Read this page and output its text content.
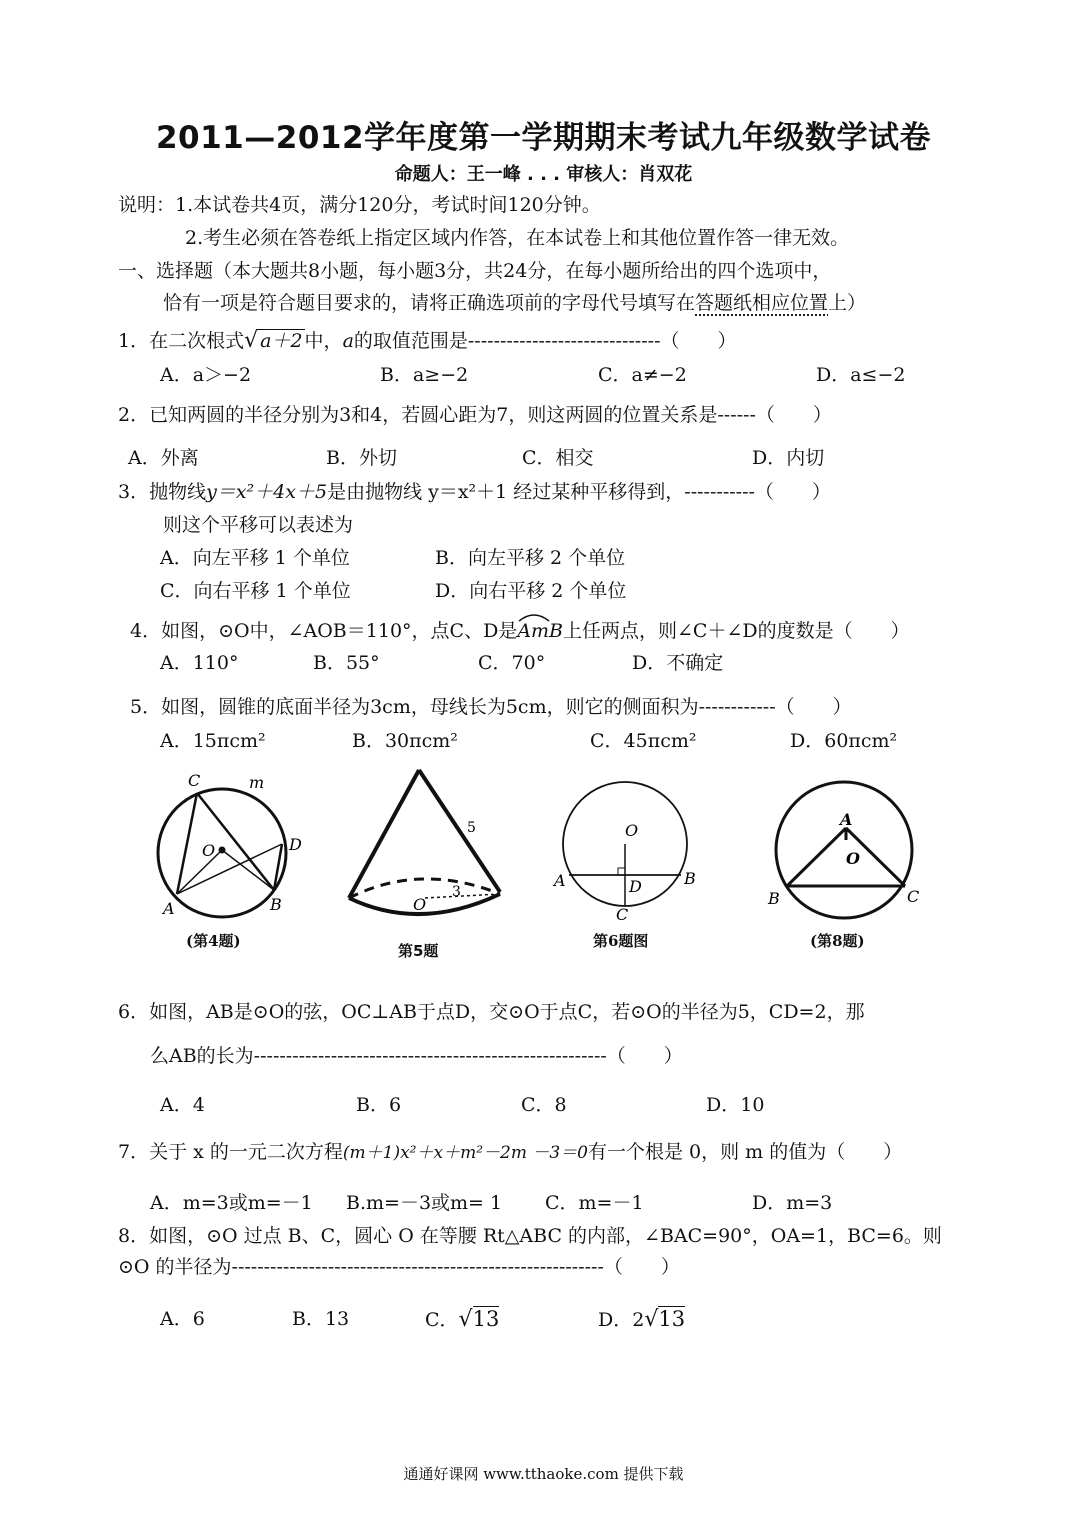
2011—2012学年度第一学期期末考试九年级数学试卷
命题人：王一峰 . . . 审核人：肖双花
说明：1.本试卷共4页，满分120分，考试时间120分钟。
2.考生必须在答卷纸上指定区域内作答，在本试卷上和其他位置作答一律无效。
一、选择题（本大题共8小题，每小题3分，共24分，在每小题所给出的四个选项中，
恰有一项是符合题目要求的，请将正确选项前的字母代号填写在答题纸相应位置上）
1．在二次根式√ a＋2 中，a的取值范围是------------------------------（　　）
A．a＞−2	B．a≥−2	C．a≠−2	D．a≤−2
2．已知两圆的半径分别为3和4，若圆心距为7，则这两圆的位置关系是------（　　）
A．外离	B．外切	C．相交	D．内切
3．抛物线y＝x²＋4x＋5是由抛物线 y＝x²＋1 经过某种平移得到，-----------（　　）
则这个平移可以表述为
A．向左平移 1 个单位	B．向左平移 2 个单位
C．向右平移 1 个单位	D．向右平移 2 个单位
4．如图，⊙O中，∠AOB＝110°，点C、D是
AmB上任两点，则∠C＋∠D的度数是（　　）
A．110°	B．55°	C．70°	D．不确定
5．如图，圆锥的底面半径为3cm，母线长为5cm，则它的侧面积为------------（　　）
A．15πcm²	B．30πcm²	C．45πcm²	D．60πcm²
C	m
O	D
A	B
(第4题)
5
3
O
第5题
O
A	D	B
C
第6题图
A
O
B	C
(第8题)
6．如图，AB是⊙O的弦，OC⊥AB于点D，交⊙O于点C，若⊙O的半径为5，CD=2，那
么AB的长为-------------------------------------------------------（　　）
A．4	B．6	C．8	D．10
7．关于 x 的一元二次方程(m＋1)x²＋x＋m²－2m －3＝0有一个根是 0，则 m 的值为（　　）
A．m=3或m=－1 B.m=－3或m= 1 C．m=－1	D．m=3
8．如图，⊙O 过点 B、C，圆心 O 在等腰 Rt△ABC 的内部，∠BAC=90°，OA=1，BC=6。则
⊙O 的半径为----------------------------------------------------------（　　）
A．6	B．13	C．√13	D．2√13
通通好课网 www.tthaoke.com 提供下载
